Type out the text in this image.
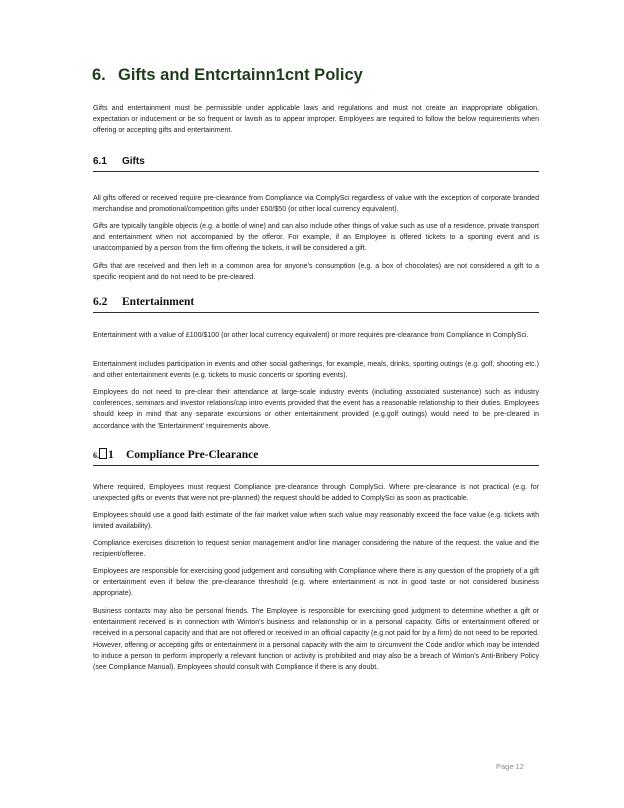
6. Gifts and Entcrtainn1cnt Policy

Gifts and entertainment must be permissible under applicable laws and regulations and must not create an inappropriate obligation, expectation or inducement or be so frequent or lavish as to appear improper. Employees are required to follow the below requirements when offering or accepting gifts and entertainment.

6.1 Gifts

All gifts offered or received require pre-clearance from Compliance via ComplySci regardless of value with the exception of corporate branded merchandise and promotional/competition gifts under £50/$50 (or other local currency equivalent).

Gifts are typically tangible objects (e.g. a bottle of wine) and can also include other things of value such as use of a residence, private transport and entertainment when not accompanied by the offeror. For example, if an Employee is offered tickets to a sporting event and is unaccompanied by a person from the firm offering the tickets, it will be considered a gift.

Gifts that are received and then left in a common area for anyone's consumption (e.g. a box of chocolates) are not considered a gift to a specific recipient and do not need to be pre-cleared.

6.2 Entertainment

Entertainment with a value of £100/$100 (or other local currency equivalent) or more requires pre-clearance from Compliance in ComplySci.

Entertainment includes participation in events and other social gatherings, for example, meals, drinks, sporting outings (e.g. golf, shooting etc.) and other entertainment events (e.g. tickets to music concerts or sporting events).

Employees do not need to pre-clear their attendance at large-scale industry events (including associated sustenance) such as industry conferences, seminars and investor relations/cap intro events provided that the event has a reasonable relationship to their duties. Employees should keep in mind that any separate excursions or other entertainment provided (e.g.golf outings) would need to be pre-cleared in accordance with the 'Entertainment' requirements above.

6. 1 Compliance Pre-Clearance

Where required, Employees must request Compliance pre-clearance through ComplySci. Where pre-clearance is not practical (e.g. for unexpected gifts or events that were not pre-planned) the request should be added to ComplySci as soon as practicable.

Employees should use a good faith estimate of the fair market value when such value may reasonably exceed the face value (e.g. tickets with limited availability).

Compliance exercises discretion to request senior management and/or line manager considering the nature of the request. the value and the recipient/offeree.

Employees are responsible for exercising good judgement and consulting with Compliance where there is any question of the propriety of a gift or entertainment even if below the pre-clearance threshold (e.g. where entertainment is not in good taste or not considered business appropriate).

Business contacts may also be personal friends. The Employee is responsible for exercising good judgment to determine whether a gift or entertainment received is in connection with Winton's business and relationship or in a personal capacity. Gifts or entertainment offered or received in a personal capacity and that are not offered or received in an official capacity (e.g.not paid for by a firm) do not need to be reported. However, offering or accepting gifts or entertainment in a personal capacity with the aim to circumvent the Code and/or which may be intended to induce a person to perform improperly a relevant function or activity is prohibited and may also be a breach of Winton's Anti-Bribery Policy (see Compliance Manual). Employees should consult with Compliance if there is any doubt.

Page 12
